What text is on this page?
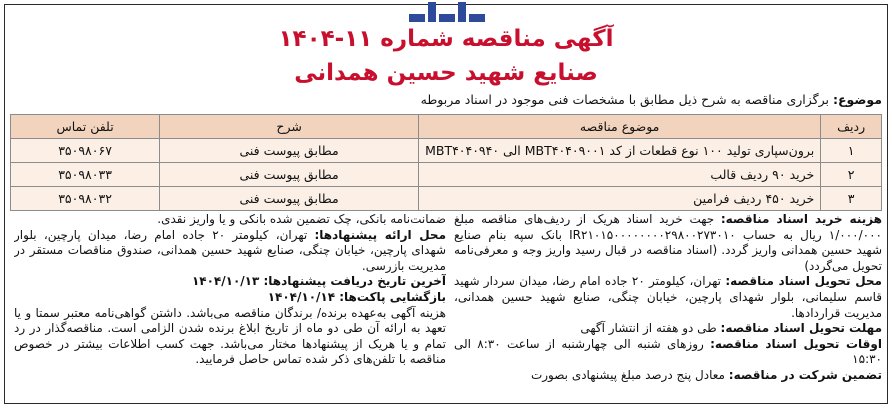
آگهی مناقصه شماره ۱۱-۱۴۰۴
صنایع شهید حسین همدانی
موضوع: برگزاری مناقصه به شرح ذیل مطابق با مشخصات فنی موجود در اسناد مربوطه
ردیف	موضوع مناقصه	شرح	تلفن تماس
۱	برون‌سپاری تولید ۱۰۰ نوع قطعات از کد MBT۴۰۴۰۹۰۰۱ الی MBT۴۰۴۰۹۴۰	مطابق پیوست فنی	۳۵۰۹۸۰۶۷
۲	خرید ۹۰ ردیف قالب	مطابق پیوست فنی	۳۵۰۹۸۰۳۳
۳	خرید ۴۵۰ ردیف فرامین	مطابق پیوست فنی	۳۵۰۹۸۰۳۲
هزینه خرید اسناد مناقصه: جهت خرید اسناد هریک از ردیف‌های مناقصه مبلغ ۱/۰۰۰/۰۰۰ ریال به حساب IR۲۱۰۱۵۰۰۰۰۰۰۰۰۲۹۸۰۰۲۷۳۰۱۰ بانک سپه بنام صنایع شهید حسین همدانی واریز گردد. (اسناد مناقصه در قبال رسید واریز وجه و معرفی‌نامه تحویل می‌گردد)
محل تحویل اسناد مناقصه: تهران، کیلومتر ۲۰ جاده امام رضا، میدان سردار شهید قاسم سلیمانی، بلوار شهدای پارچین، خیابان چنگی، صنایع شهید حسین همدانی، مدیریت قراردادها.
مهلت تحویل اسناد مناقصه: طی دو هفته از انتشار آگهی
اوقات تحویل اسناد مناقصه: روزهای شنبه الی چهارشنبه از ساعت ۸:۳۰ الی ۱۵:۳۰
تضمین شرکت در مناقصه: معادل پنج درصد مبلغ پیشنهادی بصورت
ضمانت‌نامه بانکی، چک تضمین شده بانکی و یا واریز نقدی.
محل ارائه پیشنهادها: تهران، کیلومتر ۲۰ جاده امام رضا، میدان پارچین، بلوار شهدای پارچین، خیابان چنگی، صنایع شهید حسین همدانی، صندوق مناقصات مستقر در مدیریت بازرسی.
آخرین تاریخ دریافت پیشنهادها: ۱۴۰۴/۱۰/۱۳
بازگشایی پاکت‌ها: ۱۴۰۴/۱۰/۱۴
هزینه آگهی به‌عهده برنده/ برندگان مناقصه می‌باشد. داشتن گواهی‌نامه معتبر سمتا و یا تعهد به ارائه آن طی دو ماه از تاریخ ابلاغ برنده شدن الزامی است. مناقصه‌گذار در رد تمام و یا هریک از پیشنهادها مختار می‌باشد. جهت کسب اطلاعات بیشتر در خصوص مناقصه با تلفن‌های ذکر شده تماس حاصل فرمایید.
